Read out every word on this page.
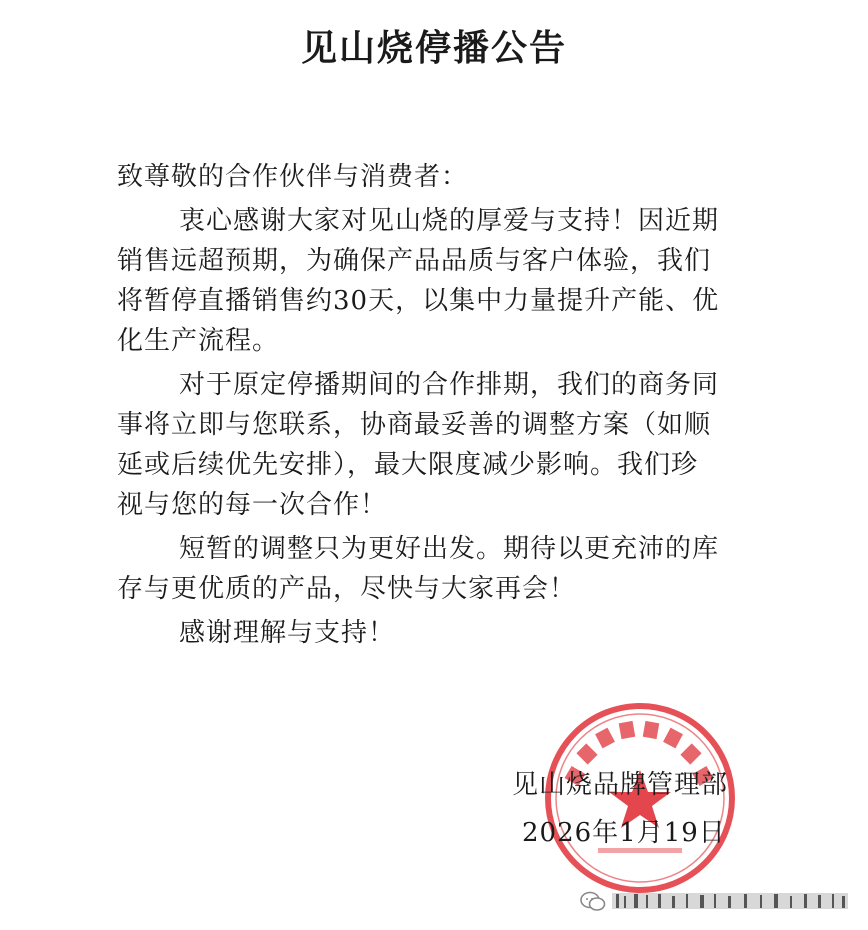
见山烧停播公告
致尊敬的合作伙伴与消费者：
衷心感谢大家对见山烧的厚爱与支持！因近期
销售远超预期，为确保产品品质与客户体验，我们
将暂停直播销售约30天，以集中力量提升产能、优
化生产流程。
对于原定停播期间的合作排期，我们的商务同
事将立即与您联系，协商最妥善的调整方案（如顺
延或后续优先安排），最大限度减少影响。我们珍
视与您的每一次合作！
短暂的调整只为更好出发。期待以更充沛的库
存与更优质的产品，尽快与大家再会！
感谢理解与支持！
见山烧品牌管理部
2026年1月19日
